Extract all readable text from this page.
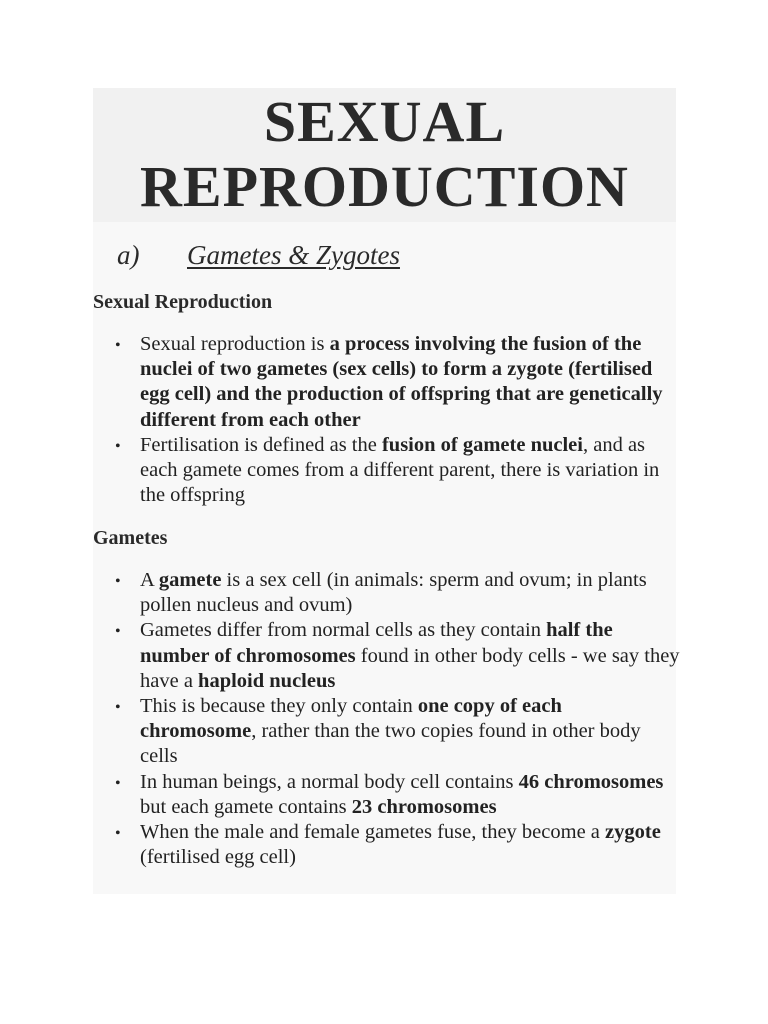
SEXUAL
REPRODUCTION
a) Gametes & Zygotes
Sexual Reproduction
• Sexual reproduction is a process involving the fusion of the nuclei of two gametes (sex cells) to form a zygote (fertilised egg cell) and the production of offspring that are genetically different from each other
• Fertilisation is defined as the fusion of gamete nuclei, and as each gamete comes from a different parent, there is variation in the offspring
Gametes
• A gamete is a sex cell (in animals: sperm and ovum; in plants pollen nucleus and ovum)
• Gametes differ from normal cells as they contain half the number of chromosomes found in other body cells - we say they have a haploid nucleus
• This is because they only contain one copy of each chromosome, rather than the two copies found in other body cells
• In human beings, a normal body cell contains 46 chromosomes but each gamete contains 23 chromosomes
• When the male and female gametes fuse, they become a zygote (fertilised egg cell)
